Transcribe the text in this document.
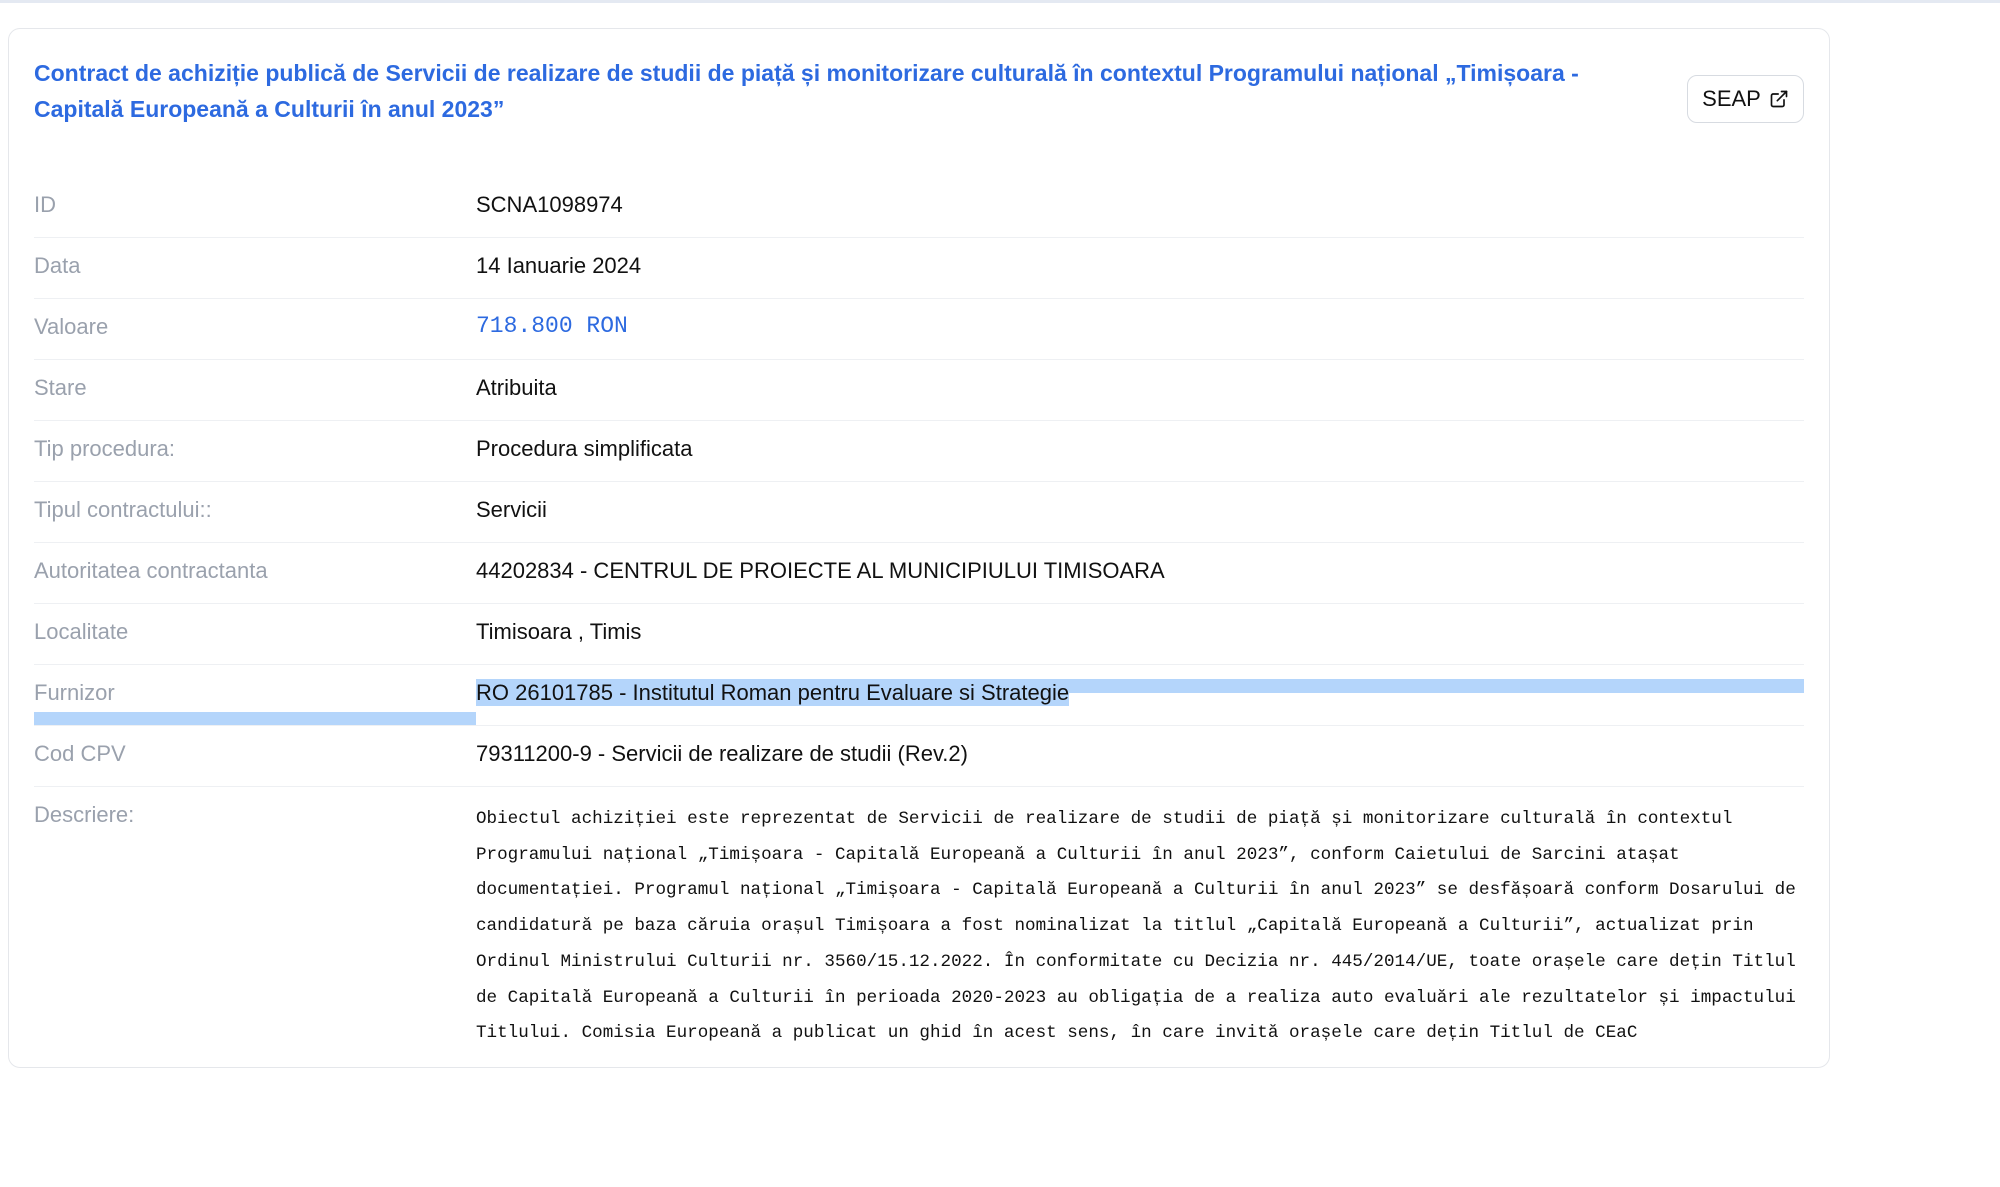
Contract de achiziție publică de Servicii de realizare de studii de piață și monitorizare culturală în contextul Programului național „Timișoara - Capitală Europeană a Culturii în anul 2023”	SEAP
ID	SCNA1098974
Data	14 Ianuarie 2024
Valoare	718.800 RON
Stare	Atribuita
Tip procedura:	Procedura simplificata
Tipul contractului::	Servicii
Autoritatea contractanta	44202834 - CENTRUL DE PROIECTE AL MUNICIPIULUI TIMISOARA
Localitate	Timisoara , Timis
Furnizor	RO 26101785 - Institutul Roman pentru Evaluare si Strategie
Cod CPV	79311200-9 - Servicii de realizare de studii (Rev.2)
Descriere:	Obiectul achiziției este reprezentat de Servicii de realizare de studii de piață și monitorizare culturală în contextul Programului național „Timișoara - Capitală Europeană a Culturii în anul 2023”, conform Caietului de Sarcini atașat documentației. Programul național „Timișoara - Capitală Europeană a Culturii în anul 2023” se desfășoară conform Dosarului de candidatură pe baza căruia orașul Timișoara a fost nominalizat la titlul „Capitală Europeană a Culturii”, actualizat prin Ordinul Ministrului Culturii nr. 3560/15.12.2022. În conformitate cu Decizia nr. 445/2014/UE, toate orașele care dețin Titlul de Capitală Europeană a Culturii în perioada 2020-2023 au obligația de a realiza auto evaluări ale rezultatelor și impactului Titlului. Comisia Europeană a publicat un ghid în acest sens, în care invită orașele care dețin Titlul de CEaC
